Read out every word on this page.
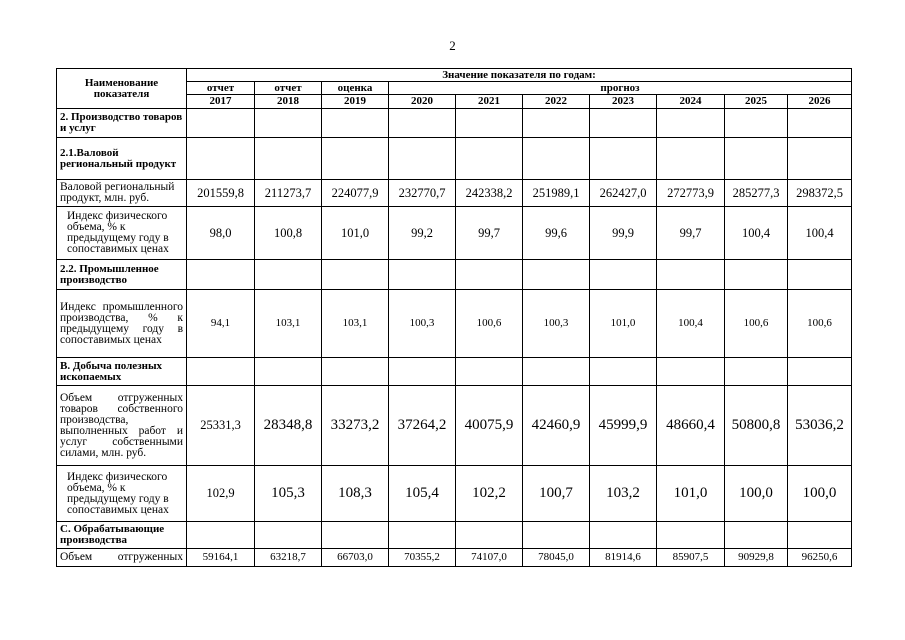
2
Наименование показателя	Значение показателя по годам:									
	отчет	отчет	оценка	прогноз						
	2017	2018	2019	2020	2021	2022	2023	2024	2025	2026
2. Производство товаров и услуг										
2.1.Валовой региональный продукт										
Валовой региональный продукт, млн. руб.	201559,8	211273,7	224077,9	232770,7	242338,2	251989,1	262427,0	272773,9	285277,3	298372,5
Индекс физического объема, % к предыдущему году в сопоставимых ценах	98,0	100,8	101,0	99,2	99,7	99,6	99,9	99,7	100,4	100,4
2.2. Промышленное производство										
Индекс промышленного производства, % к предыдущему году в сопоставимых ценах	94,1	103,1	103,1	100,3	100,6	100,3	101,0	100,4	100,6	100,6
В. Добыча полезных ископаемых										
Объем отгруженных товаров собственного производства, выполненных работ и услуг собственными силами, млн. руб.	25331,3	28348,8	33273,2	37264,2	40075,9	42460,9	45999,9	48660,4	50800,8	53036,2
Индекс физического объема, % к предыдущему году в сопоставимых ценах	102,9	105,3	108,3	105,4	102,2	100,7	103,2	101,0	100,0	100,0
С. Обрабатывающие производства										
Объем отгруженных	59164,1	63218,7	66703,0	70355,2	74107,0	78045,0	81914,6	85907,5	90929,8	96250,6
